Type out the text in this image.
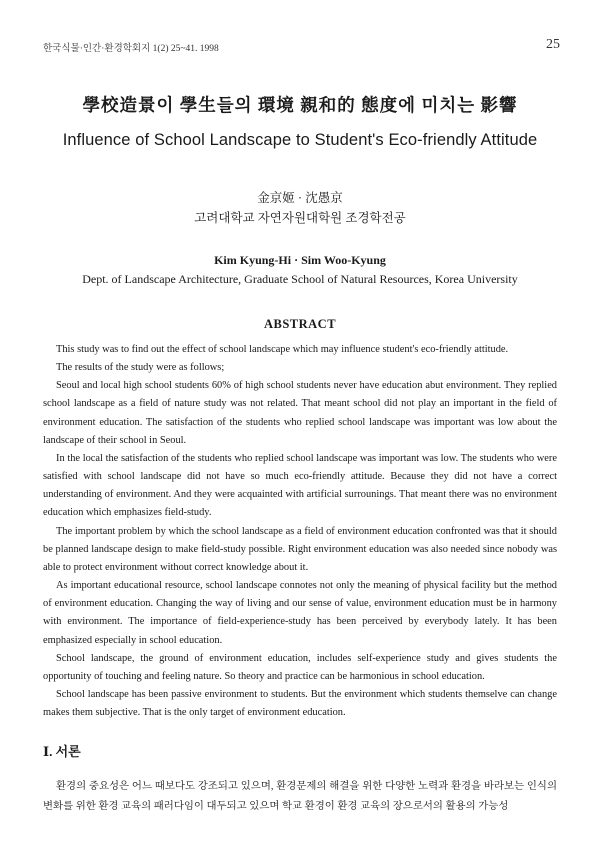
한국식물·인간·환경학회지 1(2) 25~41. 1998	25
學校造景이 學生들의 環境 親和的 態度에 미치는 影響
Influence of School Landscape to Student's Eco-friendly Attitude
金京姬 · 沈愚京
고려대학교 자연자원대학원 조경학전공
Kim Kyung-Hi · Sim Woo-Kyung
Dept. of Landscape Architecture, Graduate School of Natural Resources, Korea University
ABSTRACT

This study was to find out the effect of school landscape which may influence student's eco-friendly attitude.

The results of the study were as follows;

Seoul and local high school students 60% of high school students never have education abut environment. They replied school landscape as a field of nature study was not related. That meant school did not play an important in the field of environment education. The satisfaction of the students who replied school landscape was important was low about the landscape of their school in Seoul.

In the local the satisfaction of the students who replied school landscape was important was low. The students who were satisfied with school landscape did not have so much eco-friendly attitude. Because they did not have a correct understanding of environment. And they were acquainted with artificial surrounings. That meant there was no environment education which emphasizes field-study.

The important problem by which the school landscape as a field of environment education confronted was that it should be planned landscape design to make field-study possible. Right environment education was also needed since nobody was able to protect environment without correct knowledge about it.

As important educational resource, school landscape connotes not only the meaning of physical facility but the method of environment education. Changing the way of living and our sense of value, environment education must be in harmony with environment. The importance of field-experience-study has been perceived by everybody lately. It has been emphasized especially in school education.

School landscape, the ground of environment education, includes self-experience study and gives students the opportunity of touching and feeling nature. So theory and practice can be harmonious in school education.

School landscape has been passive environment to students. But the environment which students themselve can change makes them subjective. That is the only target of environment education.

Ⅰ. 서론

환경의 중요성은 어느 때보다도 강조되고 있으며, 환경문제의 해결을 위한 다양한 노력과 환경을 바라보는 인식의 변화를 위한 환경 교육의 패러다임이 대두되고 있으며 학교 환경이 환경 교육의 장으로서의 활용의 가능성
